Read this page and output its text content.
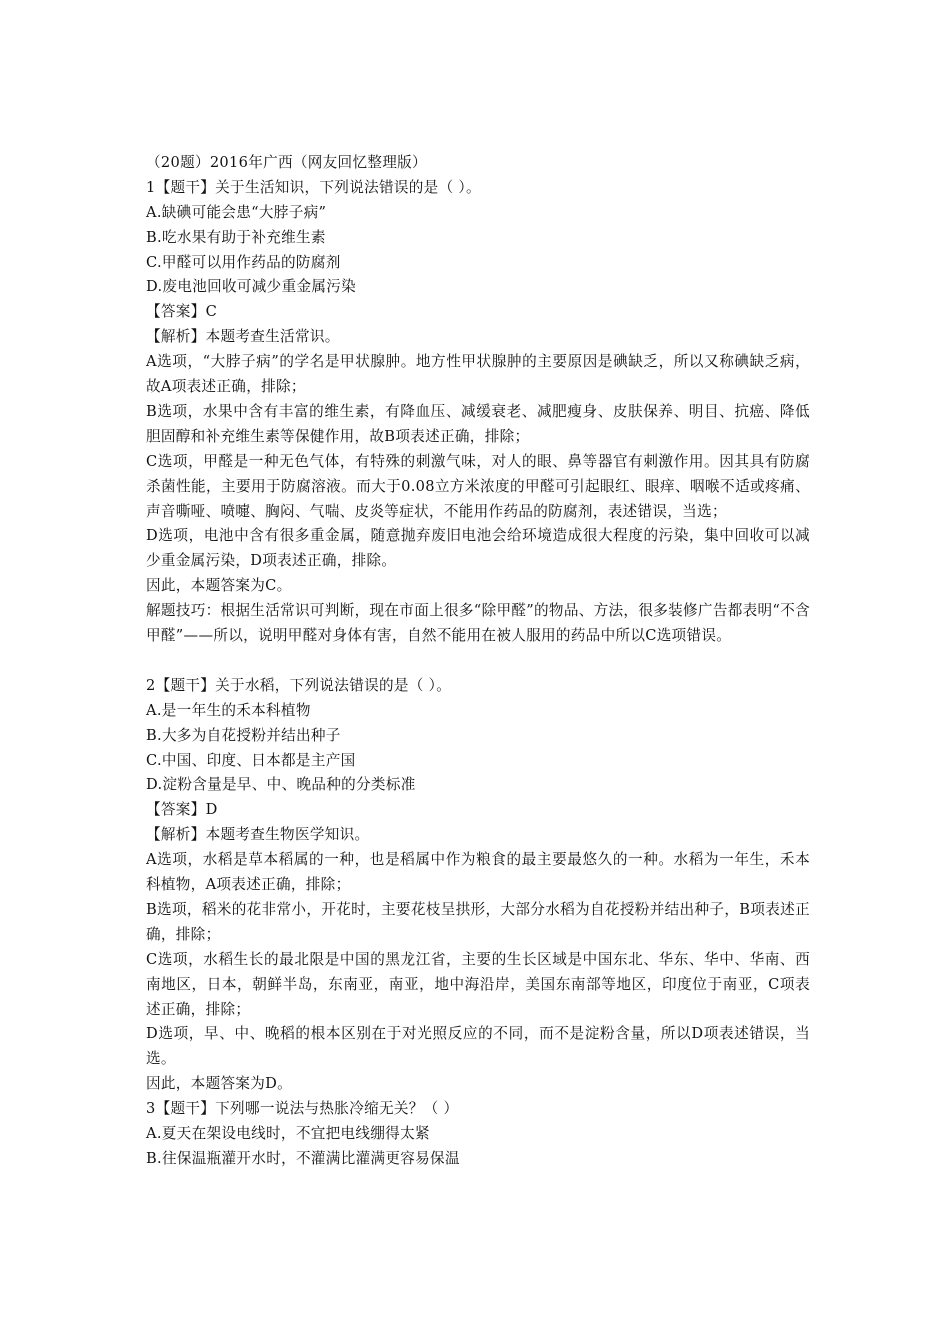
（20题）2016年广西（网友回忆整理版）
1【题干】关于生活知识，下列说法错误的是（ ）。
A.缺碘可能会患“大脖子病”
B.吃水果有助于补充维生素
C.甲醛可以用作药品的防腐剂
D.废电池回收可减少重金属污染
【答案】C
【解析】本题考查生活常识。
A选项，“大脖子病”的学名是甲状腺肿。地方性甲状腺肿的主要原因是碘缺乏，所以又称碘缺乏病，故A项表述正确，排除；
B选项，水果中含有丰富的维生素，有降血压、减缓衰老、减肥瘦身、皮肤保养、明目、抗癌、降低胆固醇和补充维生素等保健作用，故B项表述正确，排除；
C选项，甲醛是一种无色气体，有特殊的刺激气味，对人的眼、鼻等器官有刺激作用。因其具有防腐杀菌性能，主要用于防腐溶液。而大于0.08立方米浓度的甲醛可引起眼红、眼痒、咽喉不适或疼痛、声音嘶哑、喷嚏、胸闷、气喘、皮炎等症状，不能用作药品的防腐剂，表述错误，当选；
D选项，电池中含有很多重金属，随意抛弃废旧电池会给环境造成很大程度的污染，集中回收可以减少重金属污染，D项表述正确，排除。
因此，本题答案为C。
解题技巧：根据生活常识可判断，现在市面上很多“除甲醛”的物品、方法，很多装修广告都表明“不含甲醛”——所以，说明甲醛对身体有害，自然不能用在被人服用的药品中所以C选项错误。
2【题干】关于水稻，下列说法错误的是（ ）。
A.是一年生的禾本科植物
B.大多为自花授粉并结出种子
C.中国、印度、日本都是主产国
D.淀粉含量是早、中、晚品种的分类标准
【答案】D
【解析】本题考查生物医学知识。
A选项，水稻是草本稻属的一种，也是稻属中作为粮食的最主要最悠久的一种。水稻为一年生，禾本科植物，A项表述正确，排除；
B选项，稻米的花非常小，开花时，主要花枝呈拱形，大部分水稻为自花授粉并结出种子，B项表述正确，排除；
C选项，水稻生长的最北限是中国的黑龙江省，主要的生长区域是中国东北、华东、华中、华南、西南地区，日本，朝鲜半岛，东南亚，南亚，地中海沿岸，美国东南部等地区，印度位于南亚，C项表述正确，排除；
D选项，早、中、晚稻的根本区别在于对光照反应的不同，而不是淀粉含量，所以D项表述错误，当选。
因此，本题答案为D。
3【题干】下列哪一说法与热胀冷缩无关？（ ）
A.夏天在架设电线时，不宜把电线绷得太紧
B.往保温瓶灌开水时，不灌满比灌满更容易保温
